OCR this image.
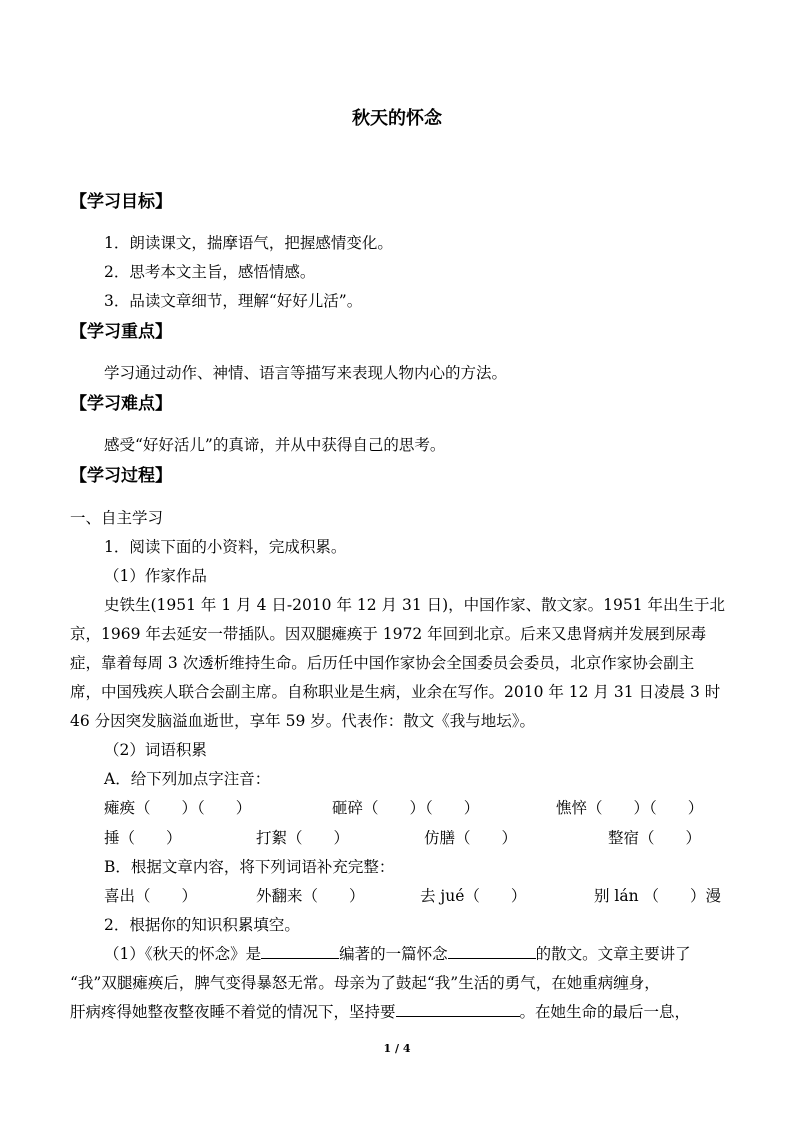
秋天的怀念
【学习目标】
1．朗读课文，揣摩语气，把握感情变化。
2．思考本文主旨，感悟情感。
3．品读文章细节，理解“好好儿活”。
【学习重点】
学习通过动作、神情、语言等描写来表现人物内心的方法。
【学习难点】
感受“好好活儿”的真谛，并从中获得自己的思考。
【学习过程】
一、自主学习
1．阅读下面的小资料，完成积累。
（1）作家作品
史铁生(1951 年 1 月 4 日-2010 年 12 月 31 日)，中国作家、散文家。1951 年出生于北
京，1969 年去延安一带插队。因双腿瘫痪于 1972 年回到北京。后来又患肾病并发展到尿毒
症，靠着每周 3 次透析维持生命。后历任中国作家协会全国委员会委员，北京作家协会副主
席，中国残疾人联合会副主席。自称职业是生病，业余在写作。2010 年 12 月 31 日凌晨 3 时
46 分因突发脑溢血逝世，享年 59 岁。代表作：散文《我与地坛》。
（2）词语积累
A．给下列加点字注音：
瘫痪（　　）（　　）	砸碎（　　）（　　）	憔悴（　　）（　　）
捶（　　）	打絮（　　）	仿膳（　　）	整宿（　　）
B．根据文章内容，将下列词语补充完整：
喜出（　　）	外翻来（　　）	去 jué（　　）	别 lán （　　）漫
2．根据你的知识积累填空。
（1）《秋天的怀念》是	编著的一篇怀念	的散文。文章主要讲了
“我”双腿瘫痪后，脾气变得暴怒无常。母亲为了鼓起“我”生活的勇气，在她重病缠身，
肝病疼得她整夜整夜睡不着觉的情况下，坚持要	。在她生命的最后一息，
1 / 4
